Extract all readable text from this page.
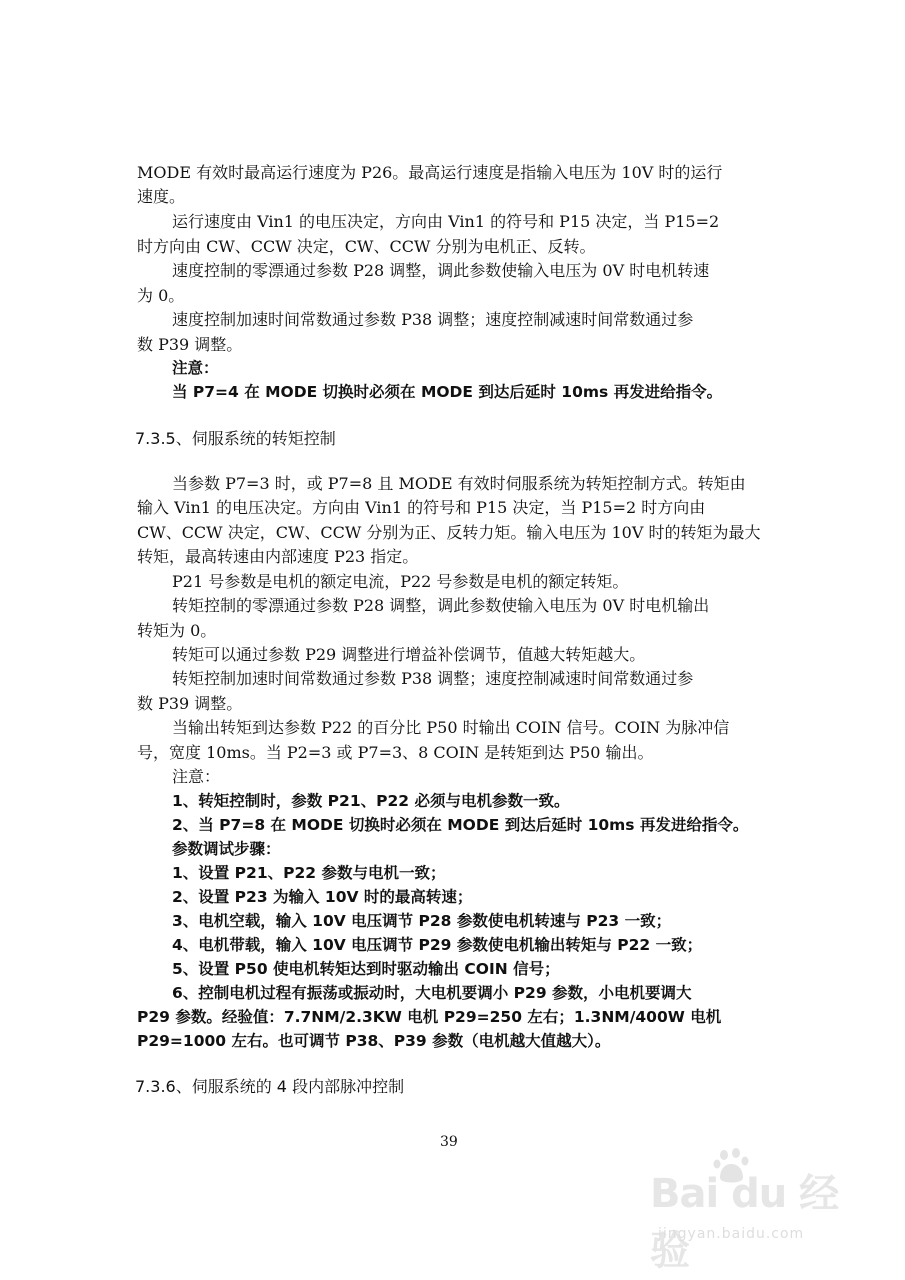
MODE 有效时最高运行速度为 P26。最高运行速度是指输入电压为 10V 时的运行

速度。

运行速度由 Vin1 的电压决定，方向由 Vin1 的符号和 P15 决定，当 P15=2

时方向由 CW、CCW 决定，CW、CCW 分别为电机正、反转。

速度控制的零漂通过参数 P28 调整，调此参数使输入电压为 0V 时电机转速

为 0。

速度控制加速时间常数通过参数 P38 调整；速度控制减速时间常数通过参

数 P39 调整。

注意：

当 P7=4 在 MODE 切换时必须在 MODE 到达后延时 10ms 再发进给指令。

7.3.5、伺服系统的转矩控制

当参数 P7=3 时，或 P7=8 且 MODE 有效时伺服系统为转矩控制方式。转矩由

输入 Vin1 的电压决定。方向由 Vin1 的符号和 P15 决定，当 P15=2 时方向由

CW、CCW 决定，CW、CCW 分别为正、反转力矩。输入电压为 10V 时的转矩为最大

转矩，最高转速由内部速度 P23 指定。

P21 号参数是电机的额定电流，P22 号参数是电机的额定转矩。

转矩控制的零漂通过参数 P28 调整，调此参数使输入电压为 0V 时电机输出

转矩为 0。

转矩可以通过参数 P29 调整进行增益补偿调节，值越大转矩越大。

转矩控制加速时间常数通过参数 P38 调整；速度控制减速时间常数通过参

数 P39 调整。

当输出转矩到达参数 P22 的百分比 P50 时输出 COIN 信号。COIN 为脉冲信

号，宽度 10ms。当 P2=3 或 P7=3、8 COIN 是转矩到达 P50 输出。

注意：

1、转矩控制时，参数 P21、P22 必须与电机参数一致。

2、当 P7=8 在 MODE 切换时必须在 MODE 到达后延时 10ms 再发进给指令。

参数调试步骤：

1、设置 P21、P22 参数与电机一致；

2、设置 P23 为输入 10V 时的最高转速；

3、电机空载，输入 10V 电压调节 P28 参数使电机转速与 P23 一致；

4、电机带载，输入 10V 电压调节 P29 参数使电机输出转矩与 P22 一致；

5、设置 P50 使电机转矩达到时驱动输出 COIN 信号；

6、控制电机过程有振荡或振动时，大电机要调小 P29 参数，小电机要调大

P29 参数。经验值：7.7NM/2.3KW 电机 P29=250 左右；1.3NM/400W 电机

P29=1000 左右。也可调节 P38、P39 参数（电机越大值越大）。

7.3.6、伺服系统的 4 段内部脉冲控制

39
Bai du 经验
jingyan.baidu.com
